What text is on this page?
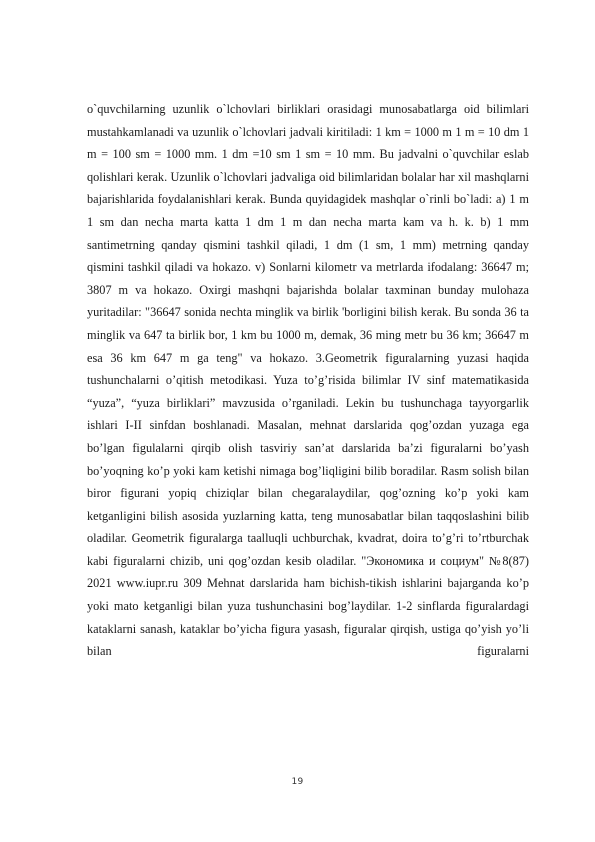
o`quvchilarning uzunlik o`lchovlari birliklari orasidagi munosabatlarga oid bilimlari mustahkamlanadi va uzunlik o`lchovlari jadvali kiritiladi: 1 km = 1000 m 1 m = 10 dm 1 m = 100 sm = 1000 mm. 1 dm =10 sm 1 sm = 10 mm. Bu jadvalni o`quvchilar eslab qolishlari kerak. Uzunlik o`lchovlari jadvaliga oid bilimlaridan bolalar har xil mashqlarni bajarishlarida foydalanishlari kerak. Bunda quyidagidek mashqlar o`rinli bo`ladi: a) 1 m 1 sm dan necha marta katta 1 dm 1 m dan necha marta kam va h. k. b) 1 mm santimetrning qanday qismini tashkil qiladi, 1 dm (1 sm, 1 mm) metrning qanday qismini tashkil qiladi va hokazo. v) Sonlarni kilometr va metrlarda ifodalang: 36647 m; 3807 m va hokazo. Oxirgi mashqni bajarishda bolalar taxminan bunday mulohaza yuritadilar: "36647 sonida nechta minglik va birlik 'borligini bilish kerak. Bu sonda 36 ta minglik va 647 ta birlik bor, 1 km bu 1000 m, demak, 36 ming metr bu 36 km; 36647 m esa 36 km 647 m ga teng" va hokazo. 3.Geometrik figuralarning yuzasi haqida tushunchalarni o’qitish metodikasi. Yuza to’g’risida bilimlar IV sinf matematikasida “yuza”, “yuza birliklari” mavzusida o’rganiladi. Lekin bu tushunchaga tayyorgarlik ishlari I-II sinfdan boshlanadi. Masalan, mehnat darslarida qog’ozdan yuzaga ega bo’lgan figulalarni qirqib olish tasviriy san’at darslarida ba’zi figuralarni bo’yash bo’yoqning ko’p yoki kam ketishi nimaga bog’liqligini bilib boradilar. Rasm solish bilan biror figurani yopiq chiziqlar bilan chegaralaydilar, qog’ozning ko’p yoki kam ketganligini bilish asosida yuzlarning katta, teng munosabatlar bilan taqqoslashini bilib oladilar. Geometrik figuralarga taalluqli uchburchak, kvadrat, doira to’g’ri to’rtburchak kabi figuralarni chizib, uni qog’ozdan kesib oladilar. "Экономика и социум" №8(87) 2021 www.iupr.ru 309 Mehnat darslarida ham bichish-tikish ishlarini bajarganda ko’p yoki mato ketganligi bilan yuza tushunchasini bog’laydilar. 1-2 sinflarda figuralardagi kataklarni sanash, kataklar bo’yicha figura yasash, figuralar qirqish, ustiga qo’yish yo’li bilan figuralarni

19
